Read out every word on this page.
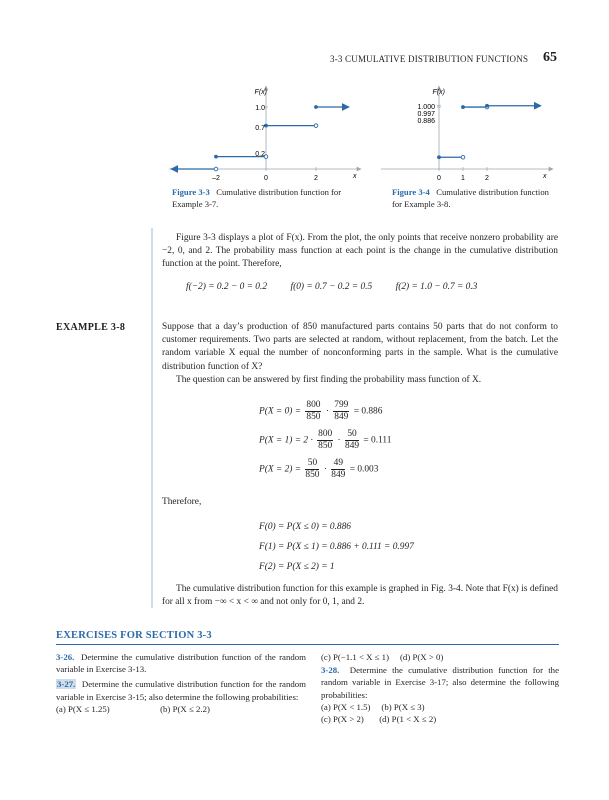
3-3 CUMULATIVE DISTRIBUTION FUNCTIONS 65
F(x)
x
1.0
0.7
0.2
–2	0	2
Figure 3-3 Cumulative distribution function for Example 3-7.
F(x)
x
1.000
0.997
0.886
0	1	2
Figure 3-4 Cumulative distribution function for Example 3-8.
Figure 3-3 displays a plot of F(x). From the plot, the only points that receive nonzero probability are −2, 0, and 2. The probability mass function at each point is the change in the cumulative distribution function at the point. Therefore,
f(−2) = 0.2 − 0 = 0.2          f(0) = 0.7 − 0.2 = 0.5          f(2) = 1.0 − 0.7 = 0.3
EXAMPLE 3-8	Suppose that a day’s production of 850 manufactured parts contains 50 parts that do not conform to customer requirements. Two parts are selected at random, without replacement, from the batch. Let the random variable X equal the number of nonconforming parts in the sample. What is the cumulative distribution function of X?
The question can be answered by first finding the probability mass function of X.
$P(X = 0) = \frac{800}{850} \cdot \frac{799}{849} = 0.886$
$P(X = 1) = 2 \cdot \frac{800}{850} \cdot \frac{50}{849} = 0.111$
$P(X = 2) = \frac{50}{850} \cdot \frac{49}{849} = 0.003$
Therefore,
F(0) = P(X ≤ 0) = 0.886
F(1) = P(X ≤ 1) = 0.886 + 0.111 = 0.997
F(2) = P(X ≤ 2) = 1
The cumulative distribution function for this example is graphed in Fig. 3-4. Note that F(x) is defined for all x from −∞ < x < ∞ and not only for 0, 1, and 2.
EXERCISES FOR SECTION 3-3
3-26. Determine the cumulative distribution function of the random variable in Exercise 3-13.
3-27. Determine the cumulative distribution function for the random variable in Exercise 3-15; also determine the following probabilities:
(a) P(X ≤ 1.25)	(b) P(X ≤ 2.2)
(c) P(−1.1 < X ≤ 1)     (d) P(X > 0)
3-28. Determine the cumulative distribution function for the random variable in Exercise 3-17; also determine the following probabilities:
(a) P(X < 1.5)     (b) P(X ≤ 3)
(c) P(X > 2)       (d) P(1 < X ≤ 2)
